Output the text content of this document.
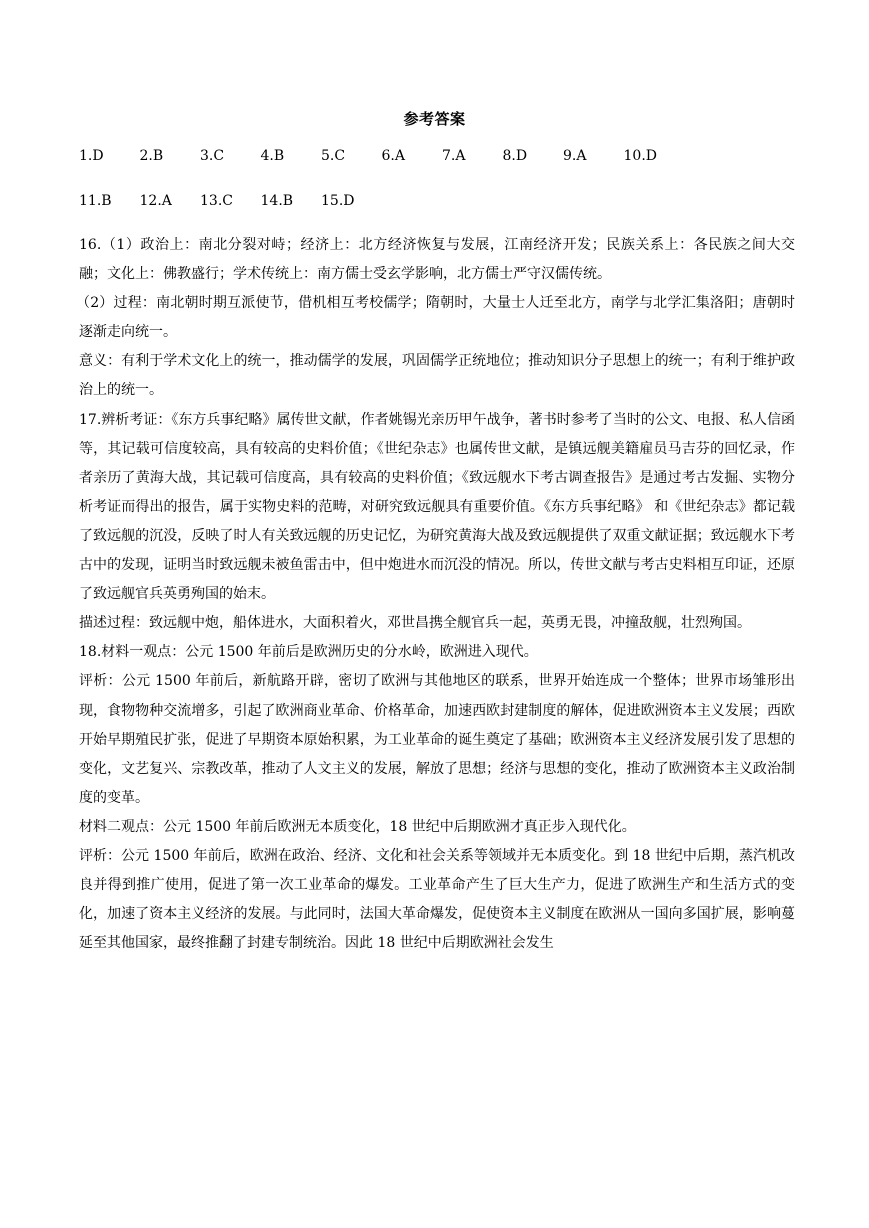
参考答案
1.D	2.B	3.C	4.B	5.C	6.A	7.A	8.D	9.A	10.D
11.B 12.A 13.C 14.B 15.D

16.（1）政治上：南北分裂对峙；经济上：北方经济恢复与发展，江南经济开发；民族关系上：各民族之间大交融；文化上：佛教盛行；学术传统上：南方儒士受玄学影响，北方儒士严守汉儒传统。

（2）过程：南北朝时期互派使节，借机相互考校儒学；隋朝时，大量士人迁至北方，南学与北学汇集洛阳；唐朝时逐渐走向统一。

意义：有利于学术文化上的统一，推动儒学的发展，巩固儒学正统地位；推动知识分子思想上的统一；有利于维护政治上的统一。

17.辨析考证：《东方兵事纪略》属传世文献，作者姚锡光亲历甲午战争，著书时参考了当时的公文、电报、私人信函等，其记载可信度较高，具有较高的史料价值；《世纪杂志》也属传世文献，是镇远舰美籍雇员马吉芬的回忆录，作者亲历了黄海大战，其记载可信度高，具有较高的史料价值；《致远舰水下考古调查报告》是通过考古发掘、实物分析考证而得出的报告，属于实物史料的范畴，对研究致远舰具有重要价值。《东方兵事纪略》 和《世纪杂志》都记载了致远舰的沉没，反映了时人有关致远舰的历史记忆，为研究黄海大战及致远舰提供了双重文献证据；致远舰水下考古中的发现，证明当时致远舰未被鱼雷击中，但中炮进水而沉没的情况。所以，传世文献与考古史料相互印证，还原了致远舰官兵英勇殉国的始末。

描述过程：致远舰中炮，船体进水，大面积着火，邓世昌携全舰官兵一起，英勇无畏，冲撞敌舰，壮烈殉国。

18.材料一观点：公元 1500 年前后是欧洲历史的分水岭，欧洲进入现代。

评析：公元 1500 年前后，新航路开辟，密切了欧洲与其他地区的联系，世界开始连成一个整体；世界市场雏形出现，食物物种交流增多，引起了欧洲商业革命、价格革命，加速西欧封建制度的解体，促进欧洲资本主义发展；西欧开始早期殖民扩张，促进了早期资本原始积累，为工业革命的诞生奠定了基础；欧洲资本主义经济发展引发了思想的变化，文艺复兴、宗教改革，推动了人文主义的发展，解放了思想；经济与思想的变化，推动了欧洲资本主义政治制度的变革。

材料二观点：公元 1500 年前后欧洲无本质变化，18 世纪中后期欧洲才真正步入现代化。

评析：公元 1500 年前后，欧洲在政治、经济、文化和社会关系等领域并无本质变化。到 18 世纪中后期，蒸汽机改良并得到推广使用，促进了第一次工业革命的爆发。工业革命产生了巨大生产力，促进了欧洲生产和生活方式的变化，加速了资本主义经济的发展。与此同时，法国大革命爆发，促使资本主义制度在欧洲从一国向多国扩展，影响蔓延至其他国家，最终推翻了封建专制统治。因此 18 世纪中后期欧洲社会发生
